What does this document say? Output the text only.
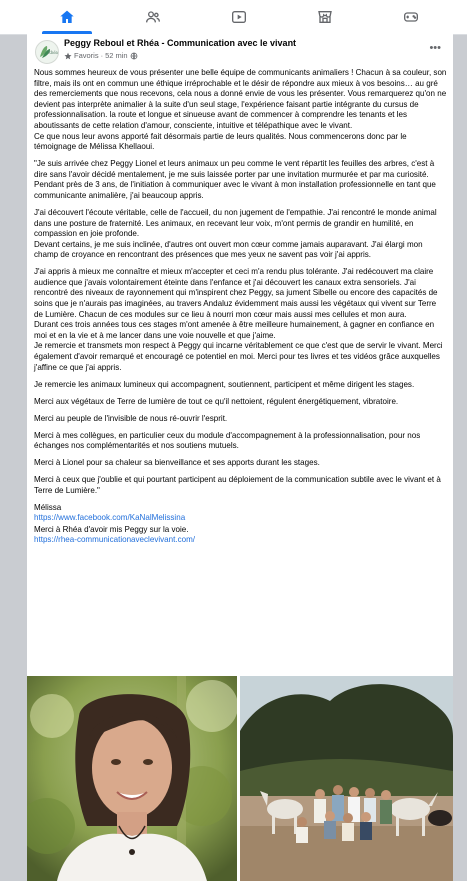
Rhéa
Peggy Reboul et Rhéa - Communication avec le vivant
Favoris · 52 min
•••

Nous sommes heureux de vous présenter une belle équipe de communicants animaliers ! Chacun à sa couleur, son filtre, mais ils ont en commun une éthique irréprochable et le désir de répondre aux mieux à vos besoins… au gré des remerciements que nous recevons, cela nous a donné envie de vous les présenter. Vous remarquerez qu'on ne devient pas interprète animalier à la suite d'un seul stage, l'expérience faisant partie intégrante du cursus de professionnalisation. la route et longue et sinueuse avant de commencer à comprendre les tenants et les aboutissants de cette relation d'amour, consciente, intuitive et télépathique avec le vivant.
Ce que nous leur avons apporté fait désormais partie de leurs qualités. Nous commencerons donc par le témoignage de Mélissa Khellaoui.

"Je suis arrivée chez Peggy Lionel et leurs animaux un peu comme le vent répartit les feuilles des arbres, c'est à dire sans l'avoir décidé mentalement, je me suis laissée porter par une invitation murmurée et par ma curiosité.
Pendant près de 3 ans, de l'initiation à communiquer avec le vivant à mon installation professionnelle en tant que communicante animalière, j'ai beaucoup appris.

J'ai découvert l'écoute véritable, celle de l'accueil, du non jugement de l'empathie. J'ai rencontré le monde animal dans une posture de fraternité. Les animaux, en recevant leur voix, m'ont permis de grandir en humilité, en compassion en joie profonde.
Devant certains, je me suis inclinée, d'autres ont ouvert mon cœur comme jamais auparavant. J'ai élargi mon champ de croyance en rencontrant des présences que mes yeux ne savent pas voir j'ai appris.

J'ai appris à mieux me connaître et mieux m'accepter et ceci m'a rendu plus tolérante. J'ai redécouvert ma claire audience que j'avais volontairement éteinte dans l'enfance et j'ai découvert les canaux extra sensoriels. J'ai rencontré des niveaux de rayonnement qui m'inspirent chez Peggy, sa jument Sibelle ou encore des capacités de soins que je n'aurais pas imaginées, au travers Andaluz évidemment mais aussi les végétaux qui vivent sur Terre de Lumière. Chacun de ces modules sur ce lieu à nourri mon cœur mais aussi mes cellules et mon aura.
Durant ces trois années tous ces stages m'ont amenée à être meilleure humainement, à gagner en confiance en moi et en la vie et à me lancer dans une voie nouvelle et que j'aime.
Je remercie et transmets mon respect à Peggy qui incarne véritablement ce que c'est que de servir le vivant. Merci également d'avoir remarqué et encouragé ce potentiel en moi. Merci pour tes livres et tes vidéos grâce auxquelles j'affine ce que j'ai appris.

Je remercie les animaux lumineux qui accompagnent, soutiennent, participent et même dirigent les stages.

Merci aux végétaux de Terre de lumière de tout ce qu'il nettoient, régulent énergétiquement, vibratoire.

Merci au peuple de l'invisible de nous ré-ouvrir l'esprit.

Merci à mes collègues, en particulier ceux du module d'accompagnement à la professionnalisation, pour nos échanges nos complémentarités et nos soutiens mutuels.

Merci à Lionel pour sa chaleur sa bienveillance et ses apports durant les stages.

Merci à ceux que j'oublie et qui pourtant participent au déploiement de la communication subtile avec le vivant et à Terre de Lumière."

Mélissa
https://www.facebook.com/KaNalMelissina

Merci à Rhéa d'avoir mis Peggy sur la voie.
https://rhea-communicationaveclevivant.com/
